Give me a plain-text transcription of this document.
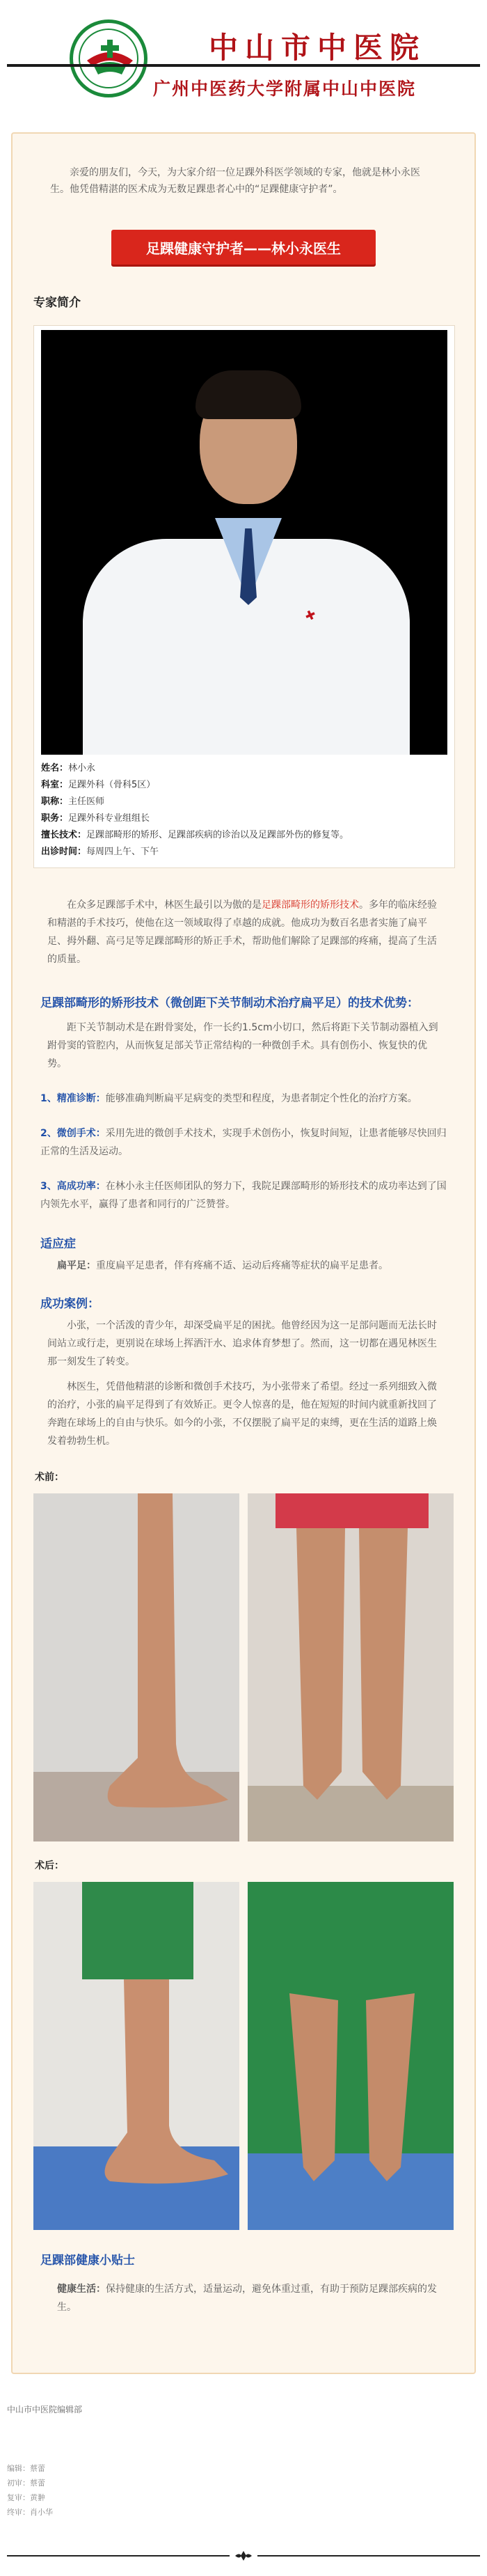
中山市中医院
广州中医药大学附属中山中医院

亲爱的朋友们，今天，为大家介绍一位足踝外科医学领域的专家，他就是林小永医生。他凭借精湛的医术成为无数足踝患者心中的“足踝健康守护者”。

足踝健康守护者——林小永医生
专家简介
✚
姓名：林小永
科室：足踝外科（骨科5区）
职称：主任医师
职务：足踝外科专业组组长
擅长技术：足踝部畸形的矫形、足踝部疾病的诊治以及足踝部外伤的修复等。
出诊时间：每周四上午、下午

在众多足踝部手术中，林医生最引以为傲的是足踝部畸形的矫形技术。多年的临床经验和精湛的手术技巧，使他在这一领域取得了卓越的成就。他成功为数百名患者实施了扁平足、拇外翻、高弓足等足踝部畸形的矫正手术，帮助他们解除了足踝部的疼痛，提高了生活的质量。

足踝部畸形的矫形技术（微创距下关节制动术治疗扁平足）的技术优势：

距下关节制动术是在跗骨窦处，作一长约1.5cm小切口，然后将距下关节制动器植入到跗骨窦的管腔内，从而恢复足部关节正常结构的一种微创手术。具有创伤小、恢复快的优势。

1、精准诊断：能够准确判断扁平足病变的类型和程度，为患者制定个性化的治疗方案。

2、微创手术：采用先进的微创手术技术，实现手术创伤小，恢复时间短，让患者能够尽快回归正常的生活及运动。

3、高成功率：在林小永主任医师团队的努力下，我院足踝部畸形的矫形技术的成功率达到了国内领先水平，赢得了患者和同行的广泛赞誉。

适应症

扁平足：重度扁平足患者，伴有疼痛不适、运动后疼痛等症状的扁平足患者。

成功案例：

小张，一个活泼的青少年，却深受扁平足的困扰。他曾经因为这一足部问题而无法长时间站立或行走，更别说在球场上挥洒汗水、追求体育梦想了。然而，这一切都在遇见林医生那一刻发生了转变。

林医生，凭借他精湛的诊断和微创手术技巧，为小张带来了希望。经过一系列细致入微的治疗，小张的扁平足得到了有效矫正。更令人惊喜的是，他在短短的时间内就重新找回了奔跑在球场上的自由与快乐。如今的小张，不仅摆脱了扁平足的束缚，更在生活的道路上焕发着勃勃生机。

术前：
术后：
足踝部健康小贴士

健康生活：保持健康的生活方式，适量运动，避免体重过重，有助于预防足踝部疾病的发生。

中山市中医院编辑部
编辑：蔡蕾
初审：蔡蕾
复审：黄翀
终审：肖小华
